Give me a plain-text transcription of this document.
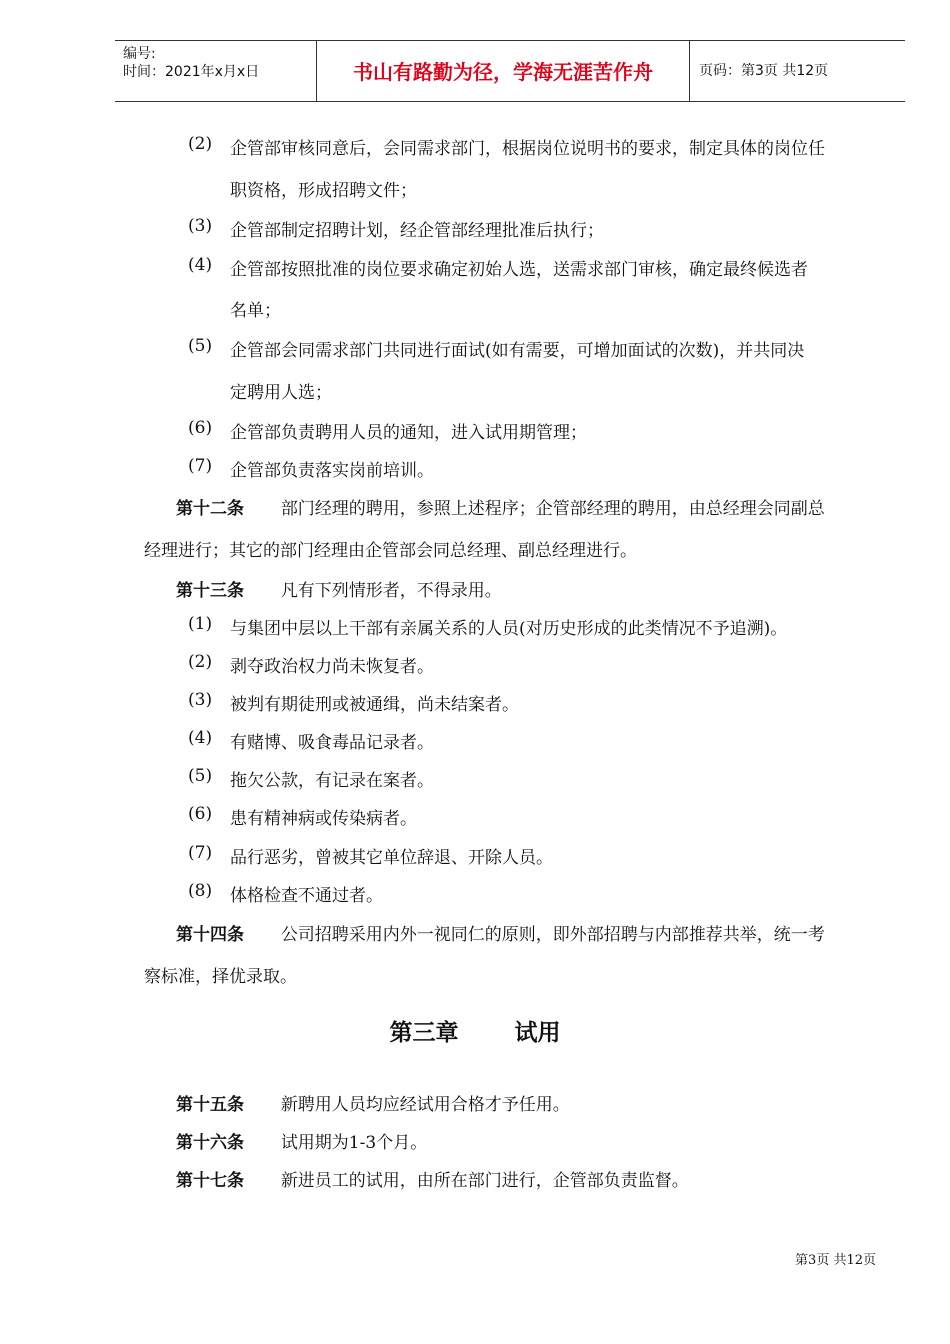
编号:
时间：2021年x月x日	书山有路勤为径，学海无涯苦作舟	页码：第3页 共12页
(2) 企管部审核同意后，会同需求部门，根据岗位说明书的要求，制定具体的岗位任
职资格，形成招聘文件；
(3) 企管部制定招聘计划，经企管部经理批准后执行；
(4) 企管部按照批准的岗位要求确定初始人选，送需求部门审核，确定最终候选者
名单；
(5) 企管部会同需求部门共同进行面试(如有需要，可增加面试的次数)，并共同决
定聘用人选；
(6) 企管部负责聘用人员的通知，进入试用期管理；
(7) 企管部负责落实岗前培训。
第十二条 部门经理的聘用，参照上述程序；企管部经理的聘用，由总经理会同副总
经理进行；其它的部门经理由企管部会同总经理、副总经理进行。
第十三条 凡有下列情形者，不得录用。
(1) 与集团中层以上干部有亲属关系的人员(对历史形成的此类情况不予追溯)。
(2) 剥夺政治权力尚未恢复者。
(3) 被判有期徒刑或被通缉，尚未结案者。
(4) 有赌博、吸食毒品记录者。
(5) 拖欠公款，有记录在案者。
(6) 患有精神病或传染病者。
(7) 品行恶劣，曾被其它单位辞退、开除人员。
(8) 体格检查不通过者。
第十四条 公司招聘采用内外一视同仁的原则，即外部招聘与内部推荐共举，统一考
察标准，择优录取。
第三章 试用
第十五条 新聘用人员均应经试用合格才予任用。
第十六条 试用期为1-3个月。
第十七条 新进员工的试用，由所在部门进行，企管部负责监督。
第3页 共12页
